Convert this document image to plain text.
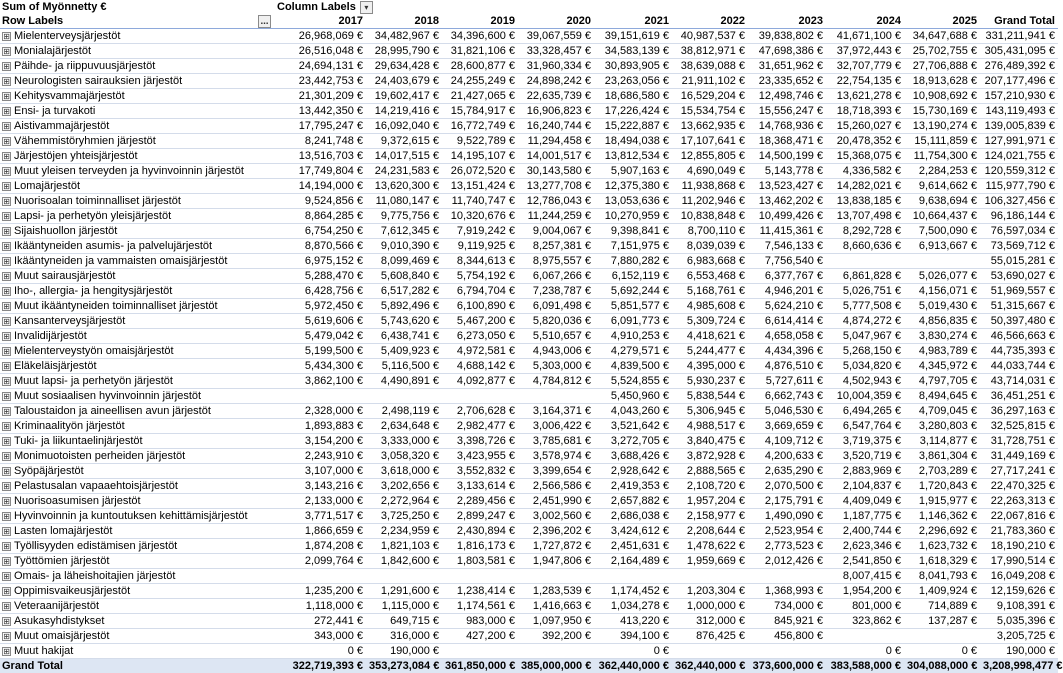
Sum of Myönnetty €	Column Labels ▾									

Row Labels …	2017	2018	2019	2020	2021	2022	2023	2024	2025	Grand Total
⊞ Mielenterveysjärjestöt	26,968,069 €	34,482,967 €	34,396,600 €	39,067,559 €	39,151,619 €	40,987,537 €	39,838,802 €	41,671,100 €	34,647,688 €	331,211,941 €
⊞ Monialajärjestöt	26,516,048 €	28,995,790 €	31,821,106 €	33,328,457 €	34,583,139 €	38,812,971 €	47,698,386 €	37,972,443 €	25,702,755 €	305,431,095 €
⊞ Päihde- ja riippuvuusjärjestöt	24,694,131 €	29,634,428 €	28,600,877 €	31,960,334 €	30,893,905 €	38,639,088 €	31,651,962 €	32,707,779 €	27,706,888 €	276,489,392 €
⊞ Neurologisten sairauksien järjestöt	23,442,753 €	24,403,679 €	24,255,249 €	24,898,242 €	23,263,056 €	21,911,102 €	23,335,652 €	22,754,135 €	18,913,628 €	207,177,496 €
⊞ Kehitysvammajärjestöt	21,301,209 €	19,602,417 €	21,427,065 €	22,635,739 €	18,686,580 €	16,529,204 €	12,498,746 €	13,621,278 €	10,908,692 €	157,210,930 €
⊞ Ensi- ja turvakoti	13,442,350 €	14,219,416 €	15,784,917 €	16,906,823 €	17,226,424 €	15,534,754 €	15,556,247 €	18,718,393 €	15,730,169 €	143,119,493 €
⊞ Aistivammajärjestöt	17,795,247 €	16,092,040 €	16,772,749 €	16,240,744 €	15,222,887 €	13,662,935 €	14,768,936 €	15,260,027 €	13,190,274 €	139,005,839 €
⊞ Vähemmistöryhmien järjestöt	8,241,748 €	9,372,615 €	9,522,789 €	11,294,458 €	18,494,038 €	17,107,641 €	18,368,471 €	20,478,352 €	15,111,859 €	127,991,971 €
⊞ Järjestöjen yhteisjärjestöt	13,516,703 €	14,017,515 €	14,195,107 €	14,001,517 €	13,812,534 €	12,855,805 €	14,500,199 €	15,368,075 €	11,754,300 €	124,021,755 €
⊞ Muut yleisen terveyden ja hyvinvoinnin järjestöt	17,749,804 €	24,231,583 €	26,072,520 €	30,143,580 €	5,907,163 €	4,690,049 €	5,143,778 €	4,336,582 €	2,284,253 €	120,559,312 €
⊞ Lomajärjestöt	14,194,000 €	13,620,300 €	13,151,424 €	13,277,708 €	12,375,380 €	11,938,868 €	13,523,427 €	14,282,021 €	9,614,662 €	115,977,790 €
⊞ Nuorisoalan toiminnalliset järjestöt	9,524,856 €	11,080,147 €	11,740,747 €	12,786,043 €	13,053,636 €	11,202,946 €	13,462,202 €	13,838,185 €	9,638,694 €	106,327,456 €
⊞ Lapsi- ja perhetyön yleisjärjestöt	8,864,285 €	9,775,756 €	10,320,676 €	11,244,259 €	10,270,959 €	10,838,848 €	10,499,426 €	13,707,498 €	10,664,437 €	96,186,144 €
⊞ Sijaishuollon järjestöt	6,754,250 €	7,612,345 €	7,919,242 €	9,004,067 €	9,398,841 €	8,700,110 €	11,415,361 €	8,292,728 €	7,500,090 €	76,597,034 €
⊞ Ikääntyneiden asumis- ja palvelujärjestöt	8,870,566 €	9,010,390 €	9,119,925 €	8,257,381 €	7,151,975 €	8,039,039 €	7,546,133 €	8,660,636 €	6,913,667 €	73,569,712 €
⊞ Ikääntyneiden ja vammaisten omaisjärjestöt	6,975,152 €	8,099,469 €	8,344,613 €	8,975,557 €	7,880,282 €	6,983,668 €	7,756,540 €			55,015,281 €
⊞ Muut sairausjärjestöt	5,288,470 €	5,608,840 €	5,754,192 €	6,067,266 €	6,152,119 €	6,553,468 €	6,377,767 €	6,861,828 €	5,026,077 €	53,690,027 €
⊞ Iho-, allergia- ja hengitysjärjestöt	6,428,756 €	6,517,282 €	6,794,704 €	7,238,787 €	5,692,244 €	5,168,761 €	4,946,201 €	5,026,751 €	4,156,071 €	51,969,557 €
⊞ Muut ikääntyneiden toiminnalliset järjestöt	5,972,450 €	5,892,496 €	6,100,890 €	6,091,498 €	5,851,577 €	4,985,608 €	5,624,210 €	5,777,508 €	5,019,430 €	51,315,667 €
⊞ Kansanterveysjärjestöt	5,619,606 €	5,743,620 €	5,467,200 €	5,820,036 €	6,091,773 €	5,309,724 €	6,614,414 €	4,874,272 €	4,856,835 €	50,397,480 €
⊞ Invalidijärjestöt	5,479,042 €	6,438,741 €	6,273,050 €	5,510,657 €	4,910,253 €	4,418,621 €	4,658,058 €	5,047,967 €	3,830,274 €	46,566,663 €
⊞ Mielenterveystyön omaisjärjestöt	5,199,500 €	5,409,923 €	4,972,581 €	4,943,006 €	4,279,571 €	5,244,477 €	4,434,396 €	5,268,150 €	4,983,789 €	44,735,393 €
⊞ Eläkeläisjärjestöt	5,434,300 €	5,116,500 €	4,688,142 €	5,303,000 €	4,839,500 €	4,395,000 €	4,876,510 €	5,034,820 €	4,345,972 €	44,033,744 €
⊞ Muut lapsi- ja perhetyön järjestöt	3,862,100 €	4,490,891 €	4,092,877 €	4,784,812 €	5,524,855 €	5,930,237 €	5,727,611 €	4,502,943 €	4,797,705 €	43,714,031 €
⊞ Muut sosiaalisen hyvinvoinnin järjestöt					5,450,960 €	5,838,544 €	6,662,743 €	10,004,359 €	8,494,645 €	36,451,251 €
⊞ Taloustaidon ja aineellisen avun järjestöt	2,328,000 €	2,498,119 €	2,706,628 €	3,164,371 €	4,043,260 €	5,306,945 €	5,046,530 €	6,494,265 €	4,709,045 €	36,297,163 €
⊞ Kriminaalityön järjestöt	1,893,883 €	2,634,648 €	2,982,477 €	3,006,422 €	3,521,642 €	4,988,517 €	3,669,659 €	6,547,764 €	3,280,803 €	32,525,815 €
⊞ Tuki- ja liikuntaelinjärjestöt	3,154,200 €	3,333,000 €	3,398,726 €	3,785,681 €	3,272,705 €	3,840,475 €	4,109,712 €	3,719,375 €	3,114,877 €	31,728,751 €
⊞ Monimuotoisten perheiden järjestöt	2,243,910 €	3,058,320 €	3,423,955 €	3,578,974 €	3,688,426 €	3,872,928 €	4,200,633 €	3,520,719 €	3,861,304 €	31,449,169 €
⊞ Syöpäjärjestöt	3,107,000 €	3,618,000 €	3,552,832 €	3,399,654 €	2,928,642 €	2,888,565 €	2,635,290 €	2,883,969 €	2,703,289 €	27,717,241 €
⊞ Pelastusalan vapaaehtoisjärjestöt	3,143,216 €	3,202,656 €	3,133,614 €	2,566,586 €	2,419,353 €	2,108,720 €	2,070,500 €	2,104,837 €	1,720,843 €	22,470,325 €
⊞ Nuorisoasumisen järjestöt	2,133,000 €	2,272,964 €	2,289,456 €	2,451,990 €	2,657,882 €	1,957,204 €	2,175,791 €	4,409,049 €	1,915,977 €	22,263,313 €
⊞ Hyvinvoinnin ja kuntoutuksen kehittämisjärjestöt	3,771,517 €	3,725,250 €	2,899,247 €	3,002,560 €	2,686,038 €	2,158,977 €	1,490,090 €	1,187,775 €	1,146,362 €	22,067,816 €
⊞ Lasten lomajärjestöt	1,866,659 €	2,234,959 €	2,430,894 €	2,396,202 €	3,424,612 €	2,208,644 €	2,523,954 €	2,400,744 €	2,296,692 €	21,783,360 €
⊞ Työllisyyden edistämisen järjestöt	1,874,208 €	1,821,103 €	1,816,173 €	1,727,872 €	2,451,631 €	1,478,622 €	2,773,523 €	2,623,346 €	1,623,732 €	18,190,210 €
⊞ Työttömien järjestöt	2,099,764 €	1,842,600 €	1,803,581 €	1,947,806 €	2,164,489 €	1,959,669 €	2,012,426 €	2,541,850 €	1,618,329 €	17,990,514 €
⊞ Omais- ja läheishoitajien järjestöt								8,007,415 €	8,041,793 €	16,049,208 €
⊞ Oppimisvaikeusjärjestöt	1,235,200 €	1,291,600 €	1,238,414 €	1,283,539 €	1,174,452 €	1,203,304 €	1,368,993 €	1,954,200 €	1,409,924 €	12,159,626 €
⊞ Veteraanijärjestöt	1,118,000 €	1,115,000 €	1,174,561 €	1,416,663 €	1,034,278 €	1,000,000 €	734,000 €	801,000 €	714,889 €	9,108,391 €
⊞ Asukasyhdistykset	272,441 €	649,715 €	983,000 €	1,097,950 €	413,220 €	312,000 €	845,921 €	323,862 €	137,287 €	5,035,396 €
⊞ Muut omaisjärjestöt	343,000 €	316,000 €	427,200 €	392,200 €	394,100 €	876,425 €	456,800 €			3,205,725 €
⊞ Muut hakijat	0 €	190,000 €			0 €			0 €	0 €	190,000 €
Grand Total	322,719,393 €	353,273,084 €	361,850,000 €	385,000,000 €	362,440,000 €	362,440,000 €	373,600,000 €	383,588,000 €	304,088,000 €	3,208,998,477 €
